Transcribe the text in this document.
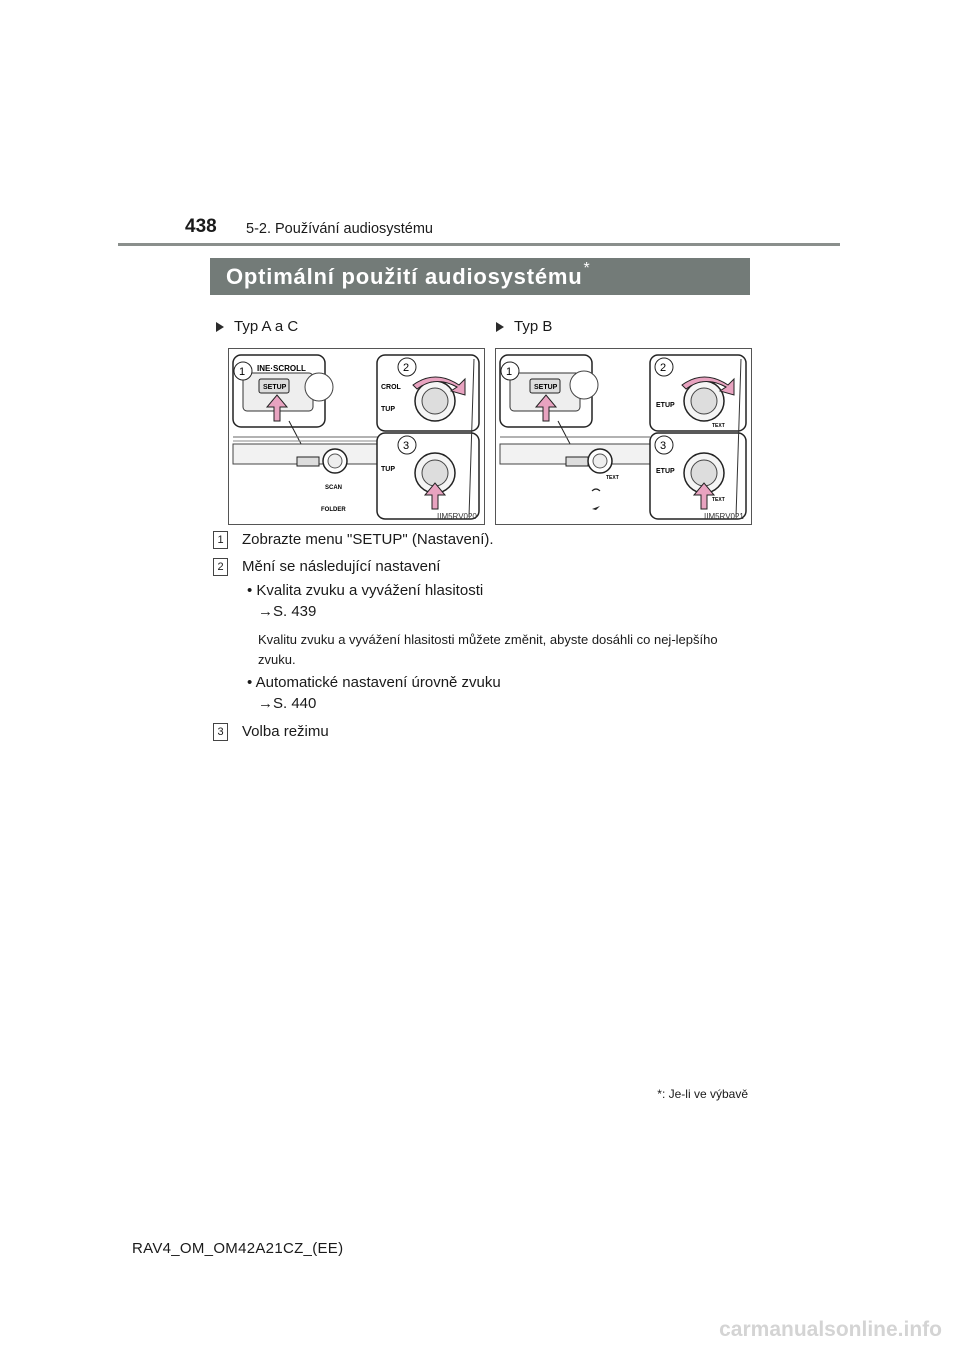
438 5-2. Používání audiosystému
Optimální použití audiosystému*
Typ A a C	Typ B
SETUP
INE·SCROLL
1
SCAN
FOLDER
CROL
TUP
2
TUP
3
IIM5RV020
SETUP
1
TEXT
ETUP
TEXT
2
ETUP
3
TEXT
IIM5RV021
1 Zobrazte menu "SETUP" (Nastavení).
2 Mění se následující nastavení
• Kvalita zvuku a vyvážení hlasitosti
→S. 439
Kvalitu zvuku a vyvážení hlasitosti můžete změnit, abyste dosáhli co nej-lepšího zvuku.
• Automatické nastavení úrovně zvuku
→S. 440
3 Volba režimu
*: Je-li ve výbavě
RAV4_OM_OM42A21CZ_(EE)
carmanualsonline.info
